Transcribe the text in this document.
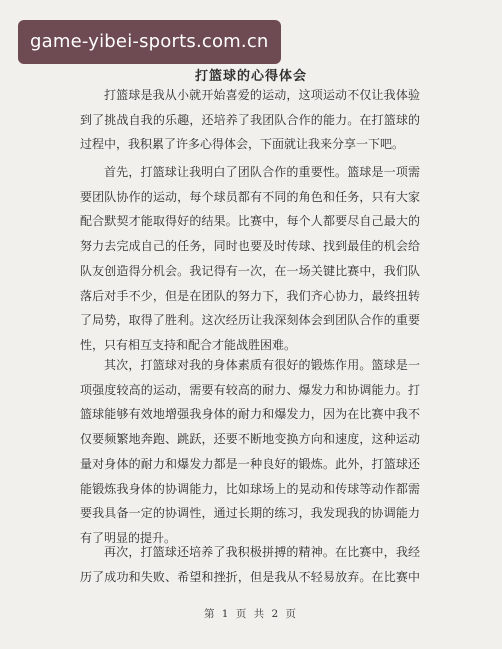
game-yibei-sports.com.cn
打篮球的心得体会
打篮球是我从小就开始喜爱的运动，这项运动不仅让我体验
到了挑战自我的乐趣，还培养了我团队合作的能力。在打篮球的
过程中，我积累了许多心得体会，下面就让我来分享一下吧。
首先，打篮球让我明白了团队合作的重要性。篮球是一项需
要团队协作的运动，每个球员都有不同的角色和任务，只有大家
配合默契才能取得好的结果。比赛中，每个人都要尽自己最大的
努力去完成自己的任务，同时也要及时传球、找到最佳的机会给
队友创造得分机会。我记得有一次，在一场关键比赛中，我们队
落后对手不少，但是在团队的努力下，我们齐心协力，最终扭转
了局势，取得了胜利。这次经历让我深刻体会到团队合作的重要
性，只有相互支持和配合才能战胜困难。
其次，打篮球对我的身体素质有很好的锻炼作用。篮球是一
项强度较高的运动，需要有较高的耐力、爆发力和协调能力。打
篮球能够有效地增强我身体的耐力和爆发力，因为在比赛中我不
仅要频繁地奔跑、跳跃，还要不断地变换方向和速度，这种运动
量对身体的耐力和爆发力都是一种良好的锻炼。此外，打篮球还
能锻炼我身体的协调能力，比如球场上的晃动和传球等动作都需
要我具备一定的协调性，通过长期的练习，我发现我的协调能力
有了明显的提升。
再次，打篮球还培养了我积极拼搏的精神。在比赛中，我经
历了成功和失败、希望和挫折，但是我从不轻易放弃。在比赛中
第 1 页 共 2 页
